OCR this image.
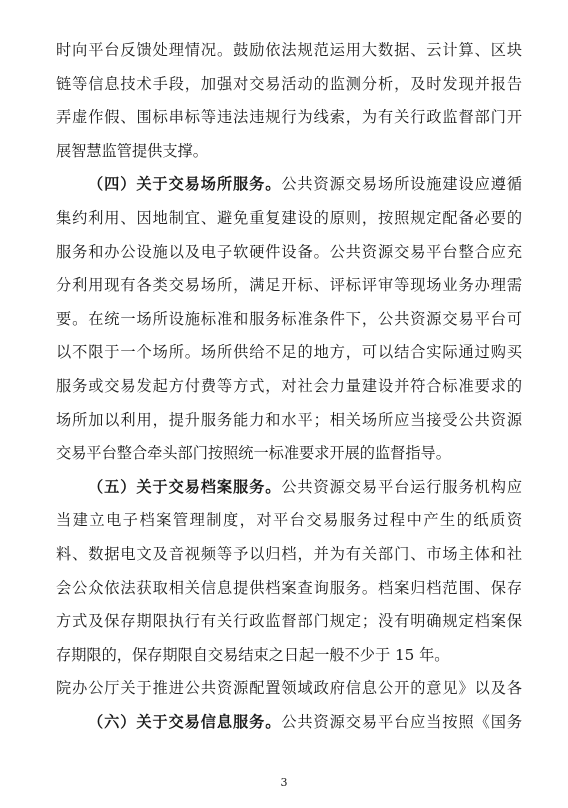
时向平台反馈处理情况。鼓励依法规范运用大数据、云计算、区块
链等信息技术手段，加强对交易活动的监测分析，及时发现并报告
弄虚作假、围标串标等违法违规行为线索，为有关行政监督部门开
展智慧监管提供支撑。
（四）关于交易场所服务。公共资源交易场所设施建设应遵循
集约利用、因地制宜、避免重复建设的原则，按照规定配备必要的
服务和办公设施以及电子软硬件设备。公共资源交易平台整合应充
分利用现有各类交易场所，满足开标、评标评审等现场业务办理需
要。在统一场所设施标准和服务标准条件下，公共资源交易平台可
以不限于一个场所。场所供给不足的地方，可以结合实际通过购买
服务或交易发起方付费等方式，对社会力量建设并符合标准要求的
场所加以利用，提升服务能力和水平；相关场所应当接受公共资源
交易平台整合牵头部门按照统一标准要求开展的监督指导。
（五）关于交易档案服务。公共资源交易平台运行服务机构应
当建立电子档案管理制度，对平台交易服务过程中产生的纸质资
料、数据电文及音视频等予以归档，并为有关部门、市场主体和社
会公众依法获取相关信息提供档案查询服务。档案归档范围、保存
方式及保存期限执行有关行政监督部门规定；没有明确规定档案保
存期限的，保存期限自交易结束之日起一般不少于 15 年。
（六）关于交易信息服务。公共资源交易平台应当按照《国务
3
院办公厅关于推进公共资源配置领域政府信息公开的意见》以及各
